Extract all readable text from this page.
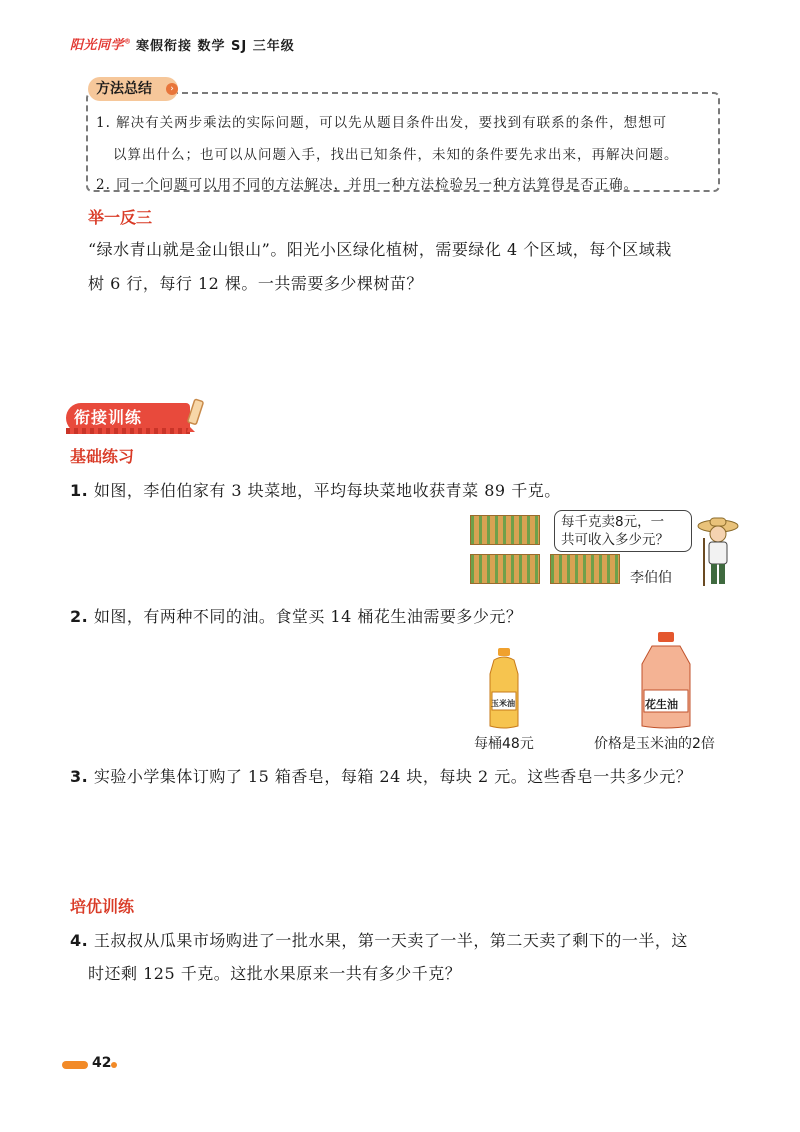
阳光同学® 寒假衔接 数学 SJ 三年级
方法总结	›
1. 解决有关两步乘法的实际问题，可以先从题目条件出发，要找到有联系的条件，想想可
以算出什么；也可以从问题入手，找出已知条件，未知的条件要先求出来，再解决问题。
2. 同一个问题可以用不同的方法解决，并用一种方法检验另一种方法算得是否正确。
举一反三
“绿水青山就是金山银山”。阳光小区绿化植树，需要绿化 4 个区域，每个区域栽
树 6 行，每行 12 棵。一共需要多少棵树苗？
衔接训练
基础练习
1. 如图，李伯伯家有 3 块菜地，平均每块菜地收获青菜 89 千克。
每千克卖8元，一
共可收入多少元？
李伯伯
2. 如图，有两种不同的油。食堂买 14 桶花生油需要多少元？
玉米油
每桶48元
花生油
价格是玉米油的2倍
3. 实验小学集体订购了 15 箱香皂，每箱 24 块，每块 2 元。这些香皂一共多少元？
培优训练
4. 王叔叔从瓜果市场购进了一批水果，第一天卖了一半，第二天卖了剩下的一半，这
时还剩 125 千克。这批水果原来一共有多少千克？
42
